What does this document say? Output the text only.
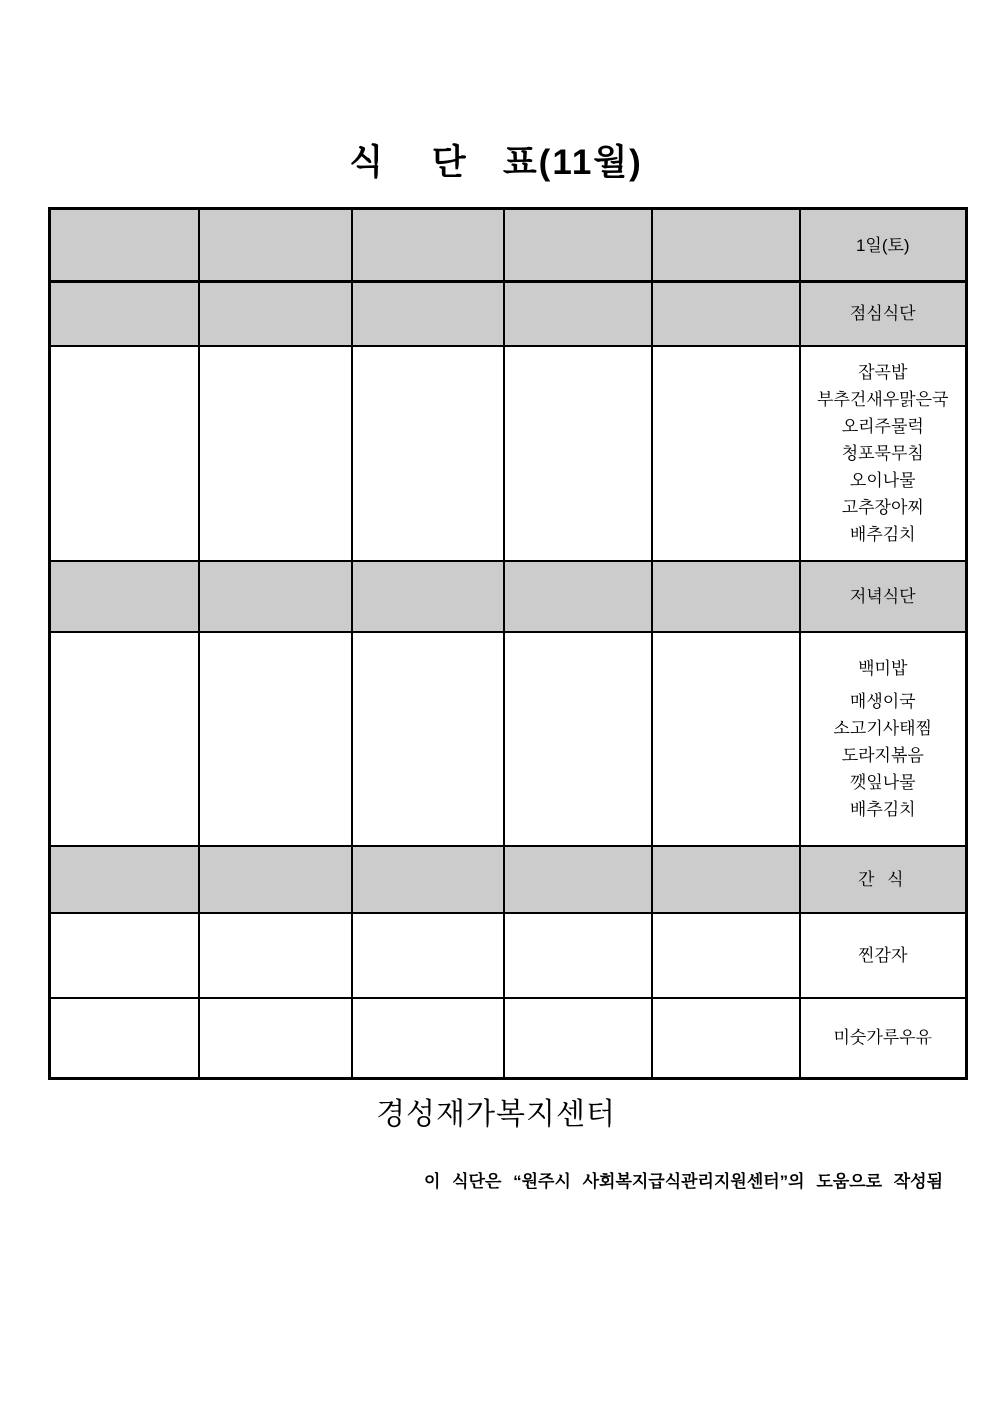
식    단   표(11월)
					1일(토)
					점심식단

잡곡밥
부추건새우맑은국
오리주물럭
청포묵무침
오이나물
고추장아찌
배추김치

					저녁식단

백미밥
매생이국
소고기사태찜
도라지볶음
깻잎나물
배추김치

					간 식
					찐감자
					미숫가루우유
경성재가복지센터
이 식단은 “원주시 사회복지급식관리지원센터”의 도움으로 작성됨
